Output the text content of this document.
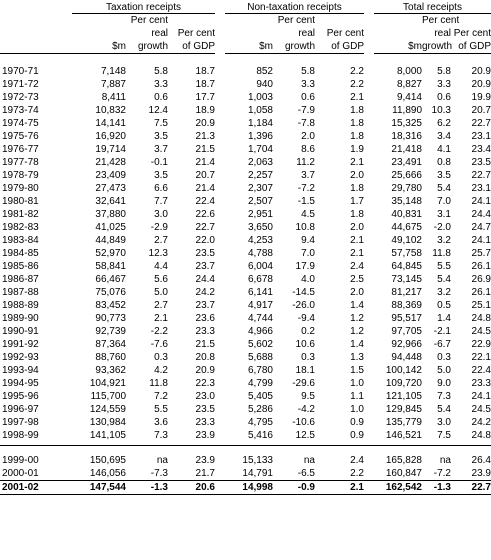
	Taxation receipts				Non-taxation receipts				Total receipts		
		Per cent				Per cent				Per cent	
		real	Per cent			real	Per cent			real	Per cent
	$m	growth	of GDP		$m	growth	of GDP		$m	growth	of GDP

1970-71	7,148	5.8	18.7		852	5.8	2.2		8,000	5.8	20.9
1971-72	7,887	3.3	18.7		940	3.3	2.2		8,827	3.3	20.9
1972-73	8,411	0.6	17.7		1,003	0.6	2.1		9,414	0.6	19.9
1973-74	10,832	12.4	18.9		1,058	-7.9	1.8		11,890	10.3	20.7
1974-75	14,141	7.5	20.9		1,184	-7.8	1.8		15,325	6.2	22.7
1975-76	16,920	3.5	21.3		1,396	2.0	1.8		18,316	3.4	23.1
1976-77	19,714	3.7	21.5		1,704	8.6	1.9		21,418	4.1	23.4
1977-78	21,428	-0.1	21.4		2,063	11.2	2.1		23,491	0.8	23.5
1978-79	23,409	3.5	20.7		2,257	3.7	2.0		25,666	3.5	22.7
1979-80	27,473	6.6	21.4		2,307	-7.2	1.8		29,780	5.4	23.1
1980-81	32,641	7.7	22.4		2,507	-1.5	1.7		35,148	7.0	24.1
1981-82	37,880	3.0	22.6		2,951	4.5	1.8		40,831	3.1	24.4
1982-83	41,025	-2.9	22.7		3,650	10.8	2.0		44,675	-2.0	24.7
1983-84	44,849	2.7	22.0		4,253	9.4	2.1		49,102	3.2	24.1
1984-85	52,970	12.3	23.5		4,788	7.0	2.1		57,758	11.8	25.7
1985-86	58,841	4.4	23.7		6,004	17.9	2.4		64,845	5.5	26.1
1986-87	66,467	5.6	24.4		6,678	4.0	2.5		73,145	5.4	26.9
1987-88	75,076	5.0	24.2		6,141	-14.5	2.0		81,217	3.2	26.1
1988-89	83,452	2.7	23.7		4,917	-26.0	1.4		88,369	0.5	25.1
1989-90	90,773	2.1	23.6		4,744	-9.4	1.2		95,517	1.4	24.8
1990-91	92,739	-2.2	23.3		4,966	0.2	1.2		97,705	-2.1	24.5
1991-92	87,364	-7.6	21.5		5,602	10.6	1.4		92,966	-6.7	22.9
1992-93	88,760	0.3	20.8		5,688	0.3	1.3		94,448	0.3	22.1
1993-94	93,362	4.2	20.9		6,780	18.1	1.5		100,142	5.0	22.4
1994-95	104,921	11.8	22.3		4,799	-29.6	1.0		109,720	9.0	23.3
1995-96	115,700	7.2	23.0		5,405	9.5	1.1		121,105	7.3	24.1
1996-97	124,559	5.5	23.5		5,286	-4.2	1.0		129,845	5.4	24.5
1997-98	130,984	3.6	23.3		4,795	-10.6	0.9		135,779	3.0	24.2
1998-99	141,105	7.3	23.9		5,416	12.5	0.9		146,521	7.5	24.8

1999-00	150,695	na	23.9		15,133	na	2.4		165,828	na	26.4
2000-01	146,056	-7.3	21.7		14,791	-6.5	2.2		160,847	-7.2	23.9
2001-02	147,544	-1.3	20.6		14,998	-0.9	2.1		162,542	-1.3	22.7
